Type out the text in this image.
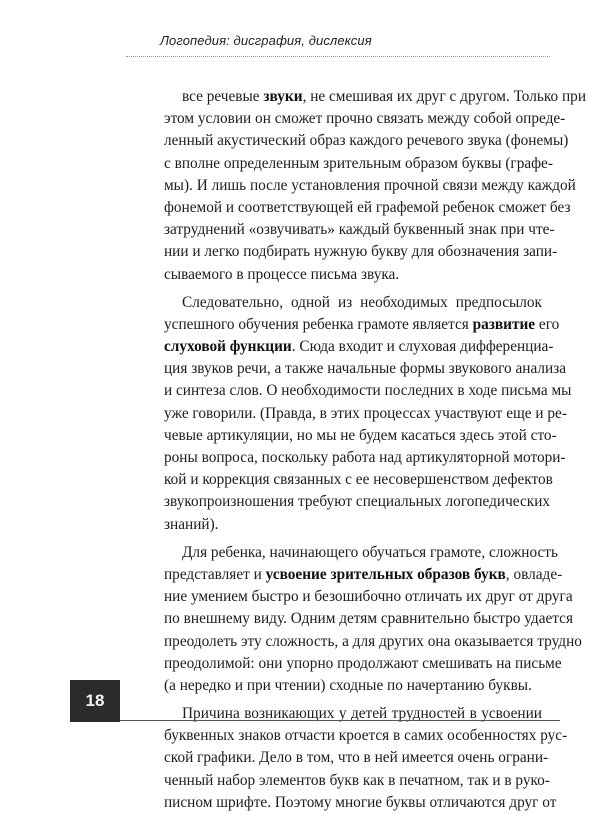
Логопедия: дисграфия, дислексия
все речевые звуки, не смешивая их друг с другом. Только при
этом условии он сможет прочно связать между собой опреде-
ленный акустический образ каждого речевого звука (фонемы)
с вполне определенным зрительным образом буквы (графе-
мы). И лишь после установления прочной связи между каждой
фонемой и соответствующей ей графемой ребенок сможет без
затруднений «озвучивать» каждый буквенный знак при чте-
нии и легко подбирать нужную букву для обозначения запи-
сываемого в процессе письма звука.
Следовательно, одной из необходимых предпосылок
успешного обучения ребенка грамоте является развитие его
слуховой функции. Сюда входит и слуховая дифференциа-
ция звуков речи, а также начальные формы звукового анализа
и синтеза слов. О необходимости последних в ходе письма мы
уже говорили. (Правда, в этих процессах участвуют еще и ре-
чевые артикуляции, но мы не будем касаться здесь этой сто-
роны вопроса, поскольку работа над артикуляторной мотори-
кой и коррекция связанных с ее несовершенством дефектов
звукопроизношения требуют специальных логопедических
знаний).
Для ребенка, начинающего обучаться грамоте, сложность
представляет и усвоение зрительных образов букв, овладе-
ние умением быстро и безошибочно отличать их друг от друга
по внешнему виду. Одним детям сравнительно быстро удается
преодолеть эту сложность, а для других она оказывается трудно
преодолимой: они упорно продолжают смешивать на письме
(а нередко и при чтении) сходные по начертанию буквы.
Причина возникающих у детей трудностей в усвоении
буквенных знаков отчасти кроется в самих особенностях рус-
ской графики. Дело в том, что в ней имеется очень ограни-
ченный набор элементов букв как в печатном, так и в руко-
писном шрифте. Поэтому многие буквы отличаются друг от
18
